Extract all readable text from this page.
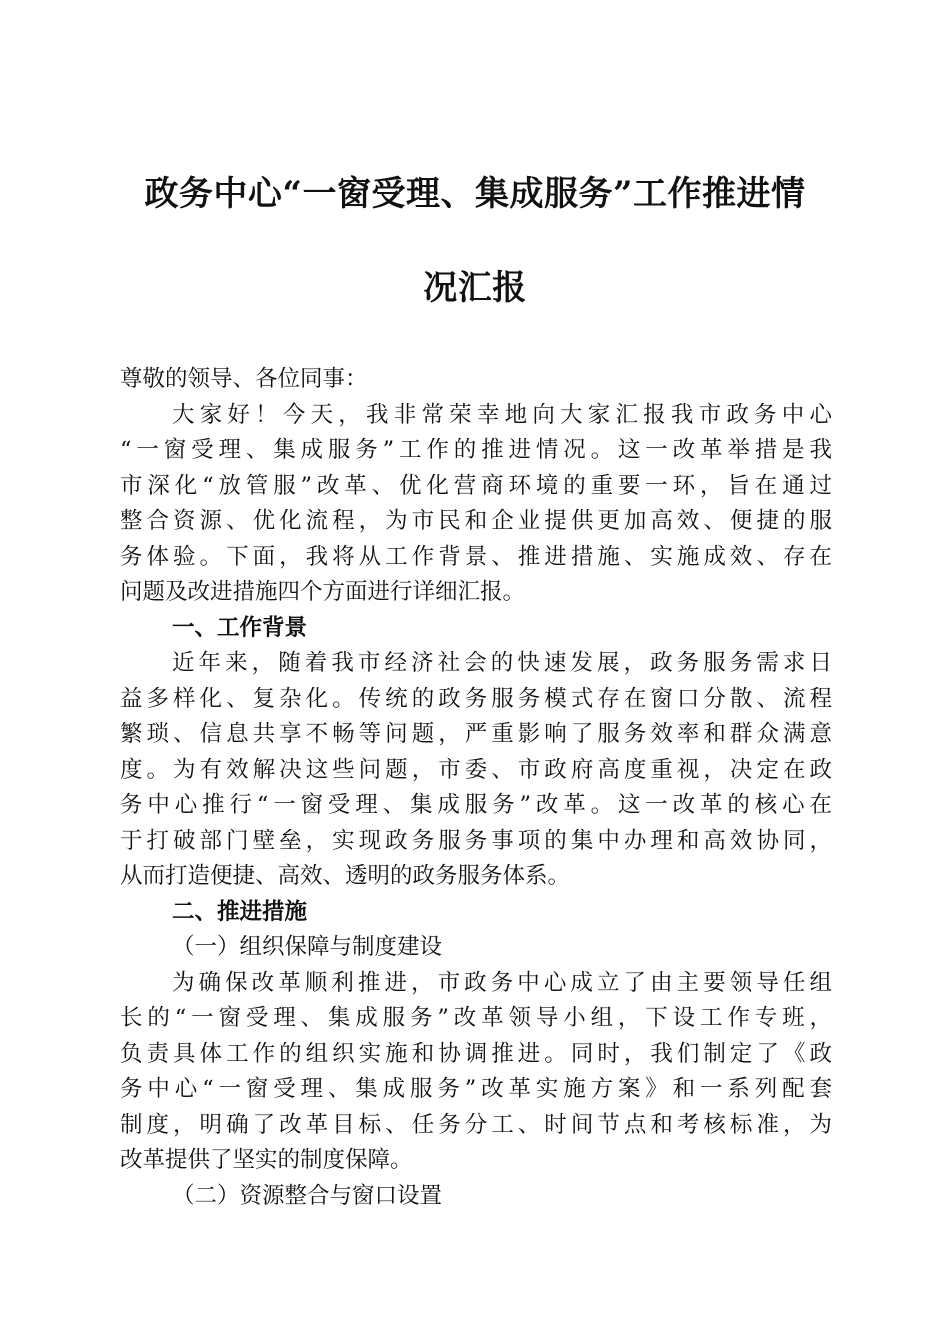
政务中心“一窗受理、集成服务”工作推进情
况汇报
尊敬的领导、各位同事：
大家好！今天，我非常荣幸地向大家汇报我市政务中心
“一窗受理、集成服务”工作的推进情况。这一改革举措是我
市深化“放管服”改革、优化营商环境的重要一环，旨在通过
整合资源、优化流程，为市民和企业提供更加高效、便捷的服
务体验。下面，我将从工作背景、推进措施、实施成效、存在
问题及改进措施四个方面进行详细汇报。
一、工作背景
近年来，随着我市经济社会的快速发展，政务服务需求日
益多样化、复杂化。传统的政务服务模式存在窗口分散、流程
繁琐、信息共享不畅等问题，严重影响了服务效率和群众满意
度。为有效解决这些问题，市委、市政府高度重视，决定在政
务中心推行“一窗受理、集成服务”改革。这一改革的核心在
于打破部门壁垒，实现政务服务事项的集中办理和高效协同，
从而打造便捷、高效、透明的政务服务体系。
二、推进措施
（一）组织保障与制度建设
为确保改革顺利推进，市政务中心成立了由主要领导任组
长的“一窗受理、集成服务”改革领导小组，下设工作专班，
负责具体工作的组织实施和协调推进。同时，我们制定了《政
务中心“一窗受理、集成服务”改革实施方案》和一系列配套
制度，明确了改革目标、任务分工、时间节点和考核标准，为
改革提供了坚实的制度保障。
（二）资源整合与窗口设置
